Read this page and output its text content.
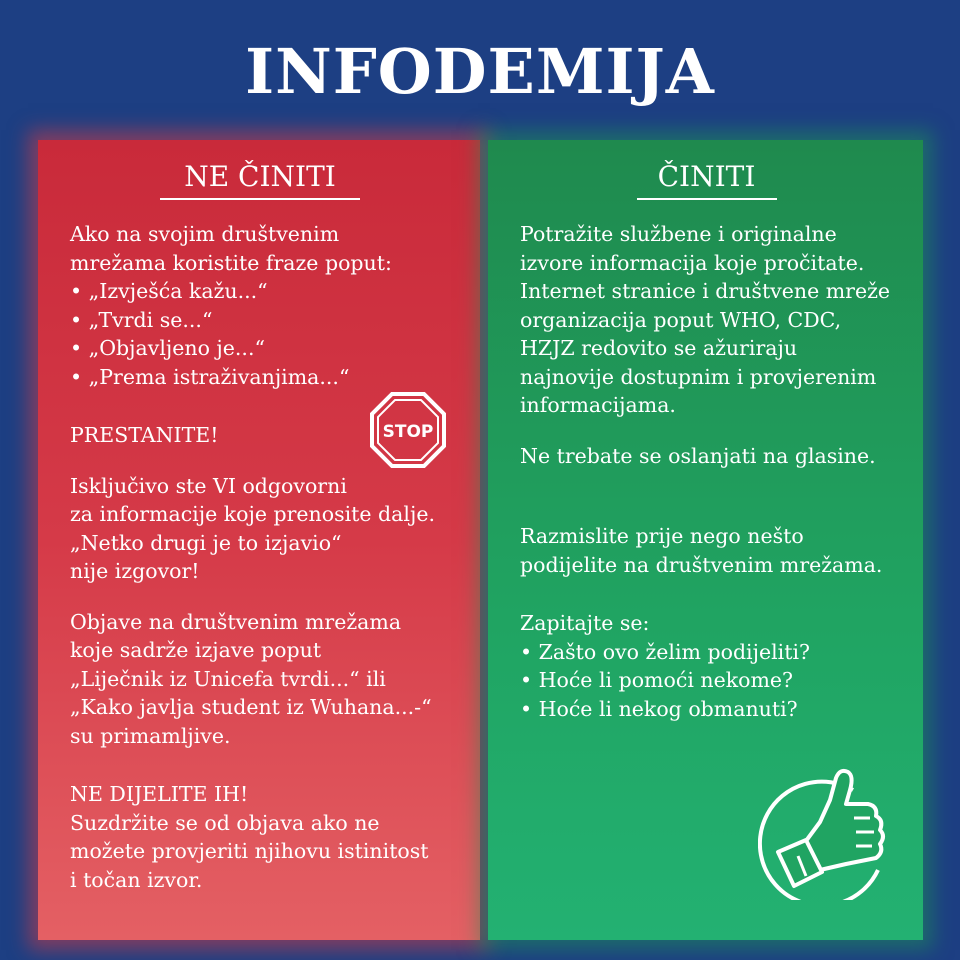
INFODEMIJA
NE ČINITI

Ako na svojim društvenim
mrežama koristite fraze poput:

• „Izvješća kažu...“
• „Tvrdi se...“
• „Objavljeno je...“
• „Prema istraživanjima...“

PRESTANITE!

Isključivo ste VI odgovorni
za informacije koje prenosite dalje.
„Netko drugi je to izjavio“
nije izgovor!

Objave na društvenim mrežama
koje sadrže izjave poput
„Liječnik iz Unicefa tvrdi...“ ili
„Kako javlja student iz Wuhana...-“
su primamljive.

NE DIJELITE IH!

Suzdržite se od objava ako ne
možete provjeriti njihovu istinitost
i točan izvor.

STOP
ČINITI

Potražite službene i originalne
izvore informacija koje pročitate.
Internet stranice i društvene mreže
organizacija poput WHO, CDC,
HZJZ redovito se ažuriraju
najnovije dostupnim i provjerenim
informacijama.

Ne trebate se oslanjati na glasine.

Razmislite prije nego nešto
podijelite na društvenim mrežama.

Zapitajte se:

• Zašto ovo želim podijeliti?
• Hoće li pomoći nekome?
• Hoće li nekog obmanuti?
